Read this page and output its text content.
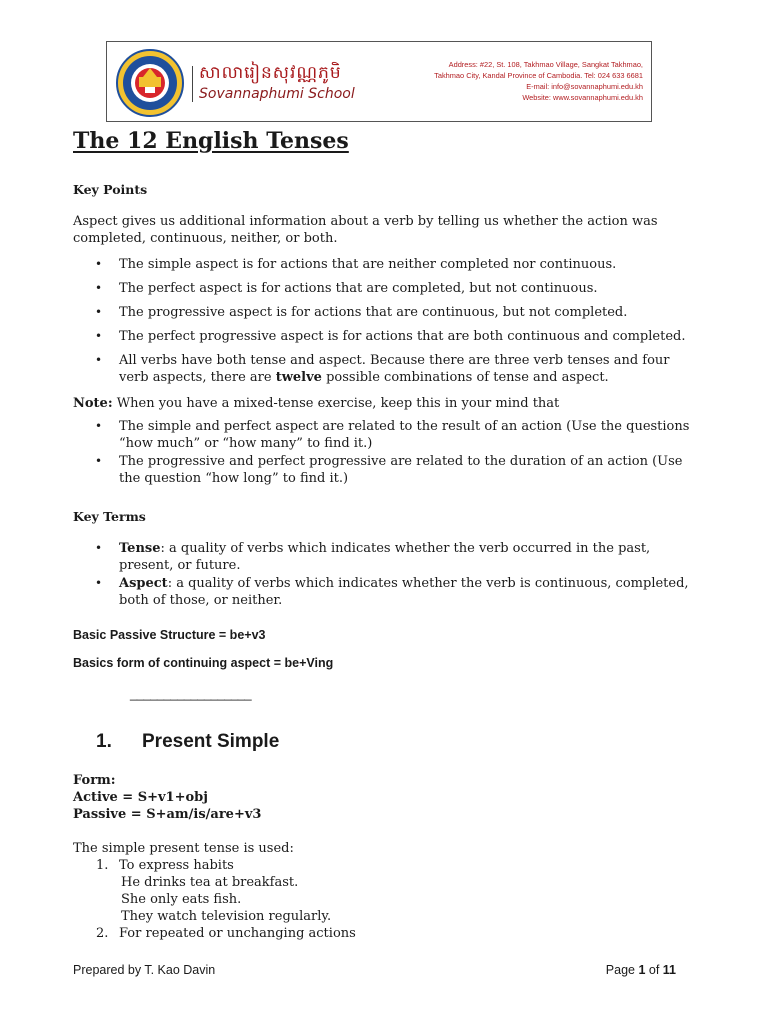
សាលារៀនសុវណ្ណភូមិ
Sovannaphumi School
Address: #22, St. 108, Takhmao Village, Sangkat Takhmao,
Takhmao City, Kandal Province of Cambodia. Tel: 024 633 6681
E-mail: info@sovannaphumi.edu.kh
Website: www.sovannaphumi.edu.kh
The 12 English Tenses

Key Points

Aspect gives us additional information about a verb by telling us whether the action was completed, continuous, neither, or both.

• The simple aspect is for actions that are neither completed nor continuous.
• The perfect aspect is for actions that are completed, but not continuous.
• The progressive aspect is for actions that are continuous, but not completed.
• The perfect progressive aspect is for actions that are both continuous and completed.
• All verbs have both tense and aspect. Because there are three verb tenses and four verb aspects, there are twelve possible combinations of tense and aspect.

Note: When you have a mixed-tense exercise, keep this in your mind that

• The simple and perfect aspect are related to the result of an action (Use the questions “how much” or “how many” to find it.)
• The progressive and perfect progressive are related to the duration of an action (Use the question “how long” to find it.)

Key Terms

• Tense: a quality of verbs which indicates whether the verb occurred in the past, present, or future.
• Aspect: a quality of verbs which indicates whether the verb is continuous, completed, both of those, or neither.

Basic Passive Structure = be+v3

Basics form of continuing aspect = be+Ving

__________________
1. Present Simple

Form:

Active = S+v1+obj

Passive = S+am/is/are+v3

The simple present tense is used:

1. To express habits
He drinks tea at breakfast.
She only eats fish.
They watch television regularly.
2. For repeated or unchanging actions
Prepared by T. Kao Davin	Page 1 of 11
